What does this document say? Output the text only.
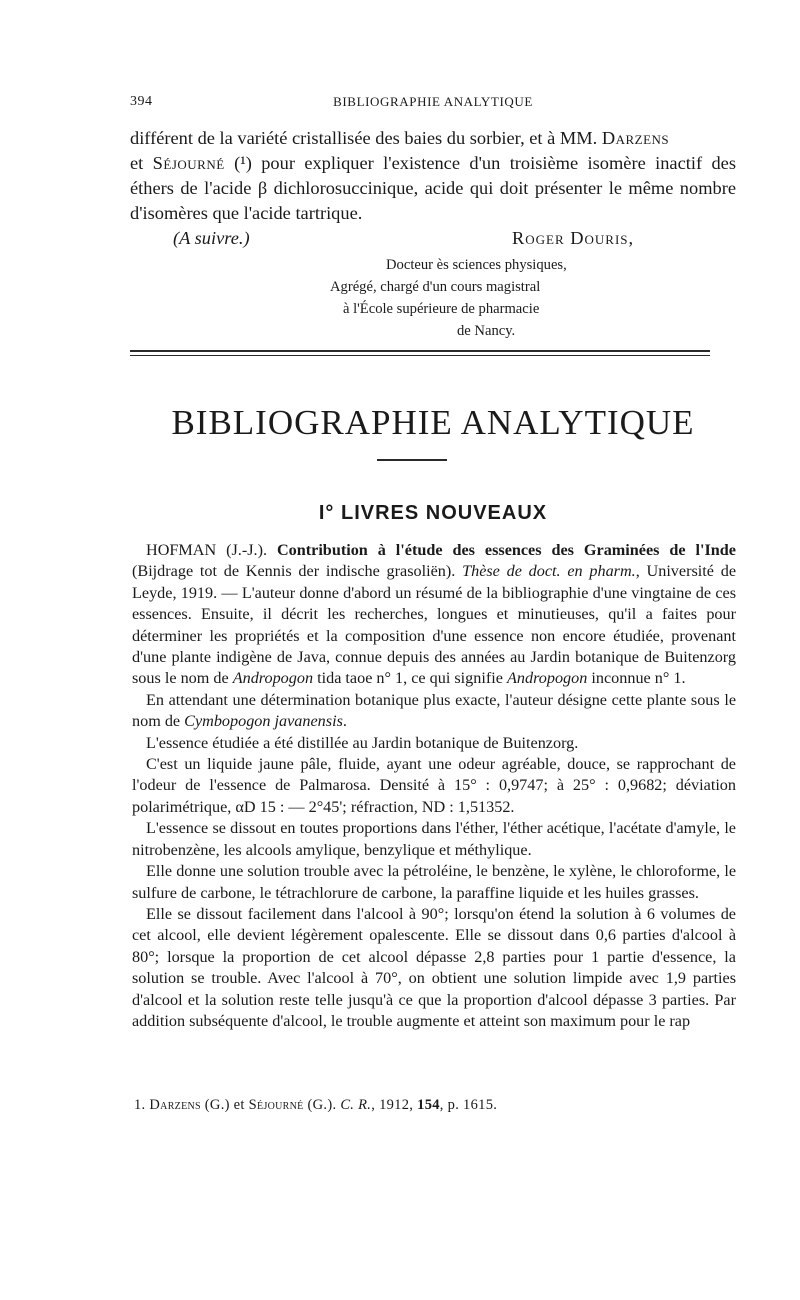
394	BIBLIOGRAPHIE ANALYTIQUE

différent de la variété cristallisée des baies du sorbier, et à MM. Darzens
et Séjourné (¹) pour expliquer l'existence d'un troisième isomère inactif des éthers de l'acide β dichlorosuccinique, acide qui doit présenter le même nombre d'isomères que l'acide tartrique.

(A suivre.)	Roger Douris,
Docteur ès sciences physiques,
Agrégé, chargé d'un cours magistral
à l'École supérieure de pharmacie
de Nancy.
BIBLIOGRAPHIE ANALYTIQUE
I° LIVRES NOUVEAUX

HOFMAN (J.-J.). Contribution à l'étude des essences des Graminées de l'Inde (Bijdrage tot de Kennis der indische grasoliën). Thèse de doct. en pharm., Université de Leyde, 1919. — L'auteur donne d'abord un résumé de la bibliographie d'une vingtaine de ces essences. Ensuite, il décrit les recherches, longues et minutieuses, qu'il a faites pour déterminer les propriétés et la composition d'une essence non encore étudiée, provenant d'une plante indigène de Java, connue depuis des années au Jardin botanique de Buitenzorg sous le nom de Andropogon tida taoe n° 1, ce qui signifie Andropogon inconnue n° 1.

En attendant une détermination botanique plus exacte, l'auteur désigne cette plante sous le nom de Cymbopogon javanensis.

L'essence étudiée a été distillée au Jardin botanique de Buitenzorg.

C'est un liquide jaune pâle, fluide, ayant une odeur agréable, douce, se rapprochant de l'odeur de l'essence de Palmarosa. Densité à 15° : 0,9747; à 25° : 0,9682; déviation polarimétrique, αD 15 : — 2°45'; réfraction, ND : 1,51352.

L'essence se dissout en toutes proportions dans l'éther, l'éther acétique, l'acétate d'amyle, le nitrobenzène, les alcools amylique, benzylique et méthylique.

Elle donne une solution trouble avec la pétroléine, le benzène, le xylène, le chloroforme, le sulfure de carbone, le tétrachlorure de carbone, la paraffine liquide et les huiles grasses.

Elle se dissout facilement dans l'alcool à 90°; lorsqu'on étend la solution à 6 volumes de cet alcool, elle devient légèrement opalescente. Elle se dissout dans 0,6 parties d'alcool à 80°; lorsque la proportion de cet alcool dépasse 2,8 parties pour 1 partie d'essence, la solution se trouble. Avec l'alcool à 70°, on obtient une solution limpide avec 1,9 parties d'alcool et la solution reste telle jusqu'à ce que la proportion d'alcool dépasse 3 parties. Par addition subséquente d'alcool, le trouble augmente et atteint son maximum pour le rap

1. Darzens (G.) et Séjourné (G.). C. R., 1912, 154, p. 1615.
